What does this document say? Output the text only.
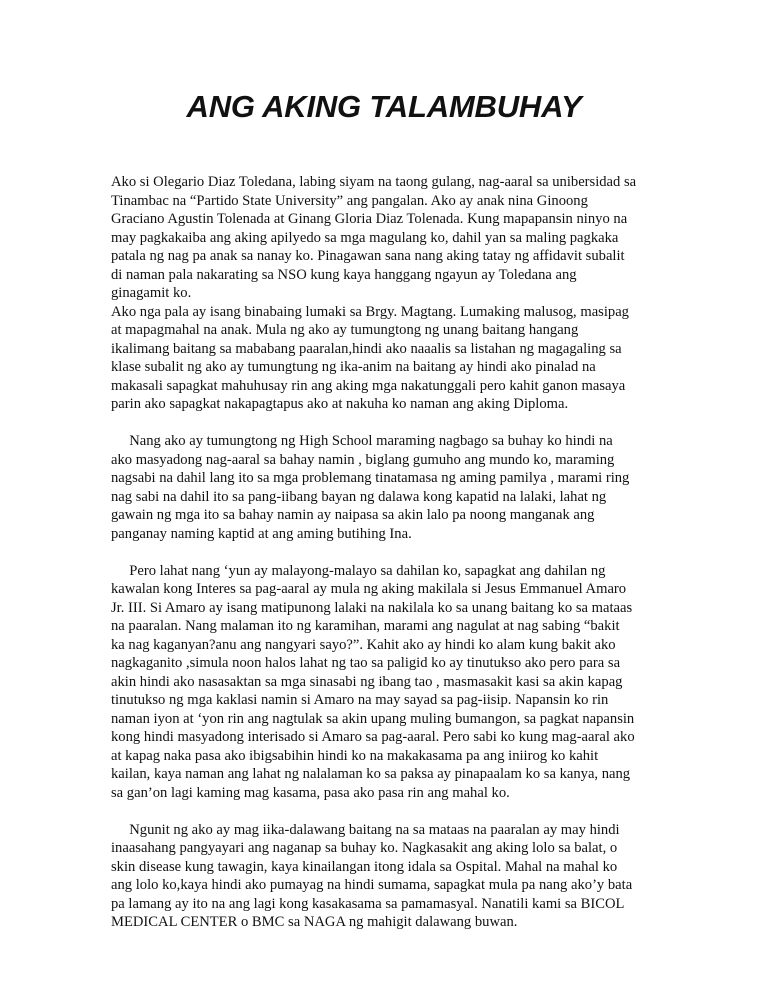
ANG AKING TALAMBUHAY
Ako si Olegario Diaz Toledana, labing siyam na taong gulang, nag-aaral sa unibersidad sa
Tinambac na “Partido State University” ang pangalan. Ako ay anak nina Ginoong
Graciano Agustin Tolenada at Ginang Gloria Diaz Tolenada. Kung mapapansin ninyo na
may pagkakaiba ang aking apilyedo sa mga magulang ko, dahil yan sa maling pagkaka
patala ng nag pa anak sa nanay ko. Pinagawan sana nang aking tatay ng affidavit subalit
di naman pala nakarating sa NSO kung kaya hanggang ngayun ay Toledana ang
ginagamit ko.
Ako nga pala ay isang binabaing lumaki sa Brgy. Magtang. Lumaking malusog, masipag
at mapagmahal na anak. Mula ng ako ay tumungtong ng unang baitang hangang
ikalimang baitang sa mababang paaralan,hindi ako naaalis sa listahan ng magagaling sa
klase subalit ng ako ay tumungtung ng ika-anim na baitang ay hindi ako pinalad na
makasali sapagkat mahuhusay rin ang aking mga nakatunggali pero kahit ganon masaya
parin ako sapagkat nakapagtapus ako at nakuha ko naman ang aking Diploma.
Nang ako ay tumungtong ng High School maraming nagbago sa buhay ko hindi na
ako masyadong nag-aaral sa bahay namin , biglang gumuho ang mundo ko, maraming
nagsabi na dahil lang ito sa mga problemang tinatamasa ng aming pamilya , marami ring
nag sabi na dahil ito sa pang-iibang bayan ng dalawa kong kapatid na lalaki, lahat ng
gawain ng mga ito sa bahay namin ay naipasa sa akin lalo pa noong manganak ang
panganay naming kaptid at ang aming butihing Ina.
Pero lahat nang ‘yun ay malayong-malayo sa dahilan ko, sapagkat ang dahilan ng
kawalan kong Interes sa pag-aaral ay mula ng aking makilala si Jesus Emmanuel Amaro
Jr. III. Si Amaro ay isang matipunong lalaki na nakilala ko sa unang baitang ko sa mataas
na paaralan. Nang malaman ito ng karamihan, marami ang nagulat at nag sabing “bakit
ka nag kaganyan?anu ang nangyari sayo?”. Kahit ako ay hindi ko alam kung bakit ako
nagkaganito ,simula noon halos lahat ng tao sa paligid ko ay tinutukso ako pero para sa
akin hindi ako nasasaktan sa mga sinasabi ng ibang tao , masmasakit kasi sa akin kapag
tinutukso ng mga kaklasi namin si Amaro na may sayad sa pag-iisip. Napansin ko rin
naman iyon at ‘yon rin ang nagtulak sa akin upang muling bumangon, sa pagkat napansin
kong hindi masyadong interisado si Amaro sa pag-aaral. Pero sabi ko kung mag-aaral ako
at kapag naka pasa ako ibigsabihin hindi ko na makakasama pa ang iniirog ko kahit
kailan, kaya naman ang lahat ng nalalaman ko sa paksa ay pinapaalam ko sa kanya, nang
sa gan’on lagi kaming mag kasama, pasa ako pasa rin ang mahal ko.
Ngunit ng ako ay mag iika-dalawang baitang na sa mataas na paaralan ay may hindi
inaasahang pangyayari ang naganap sa buhay ko. Nagkasakit ang aking lolo sa balat, o
skin disease kung tawagin, kaya kinailangan itong idala sa Ospital. Mahal na mahal ko
ang lolo ko,kaya hindi ako pumayag na hindi sumama, sapagkat mula pa nang ako’y bata
pa lamang ay ito na ang lagi kong kasakasama sa pamamasyal. Nanatili kami sa BICOL
MEDICAL CENTER o BMC sa NAGA ng mahigit dalawang buwan.
